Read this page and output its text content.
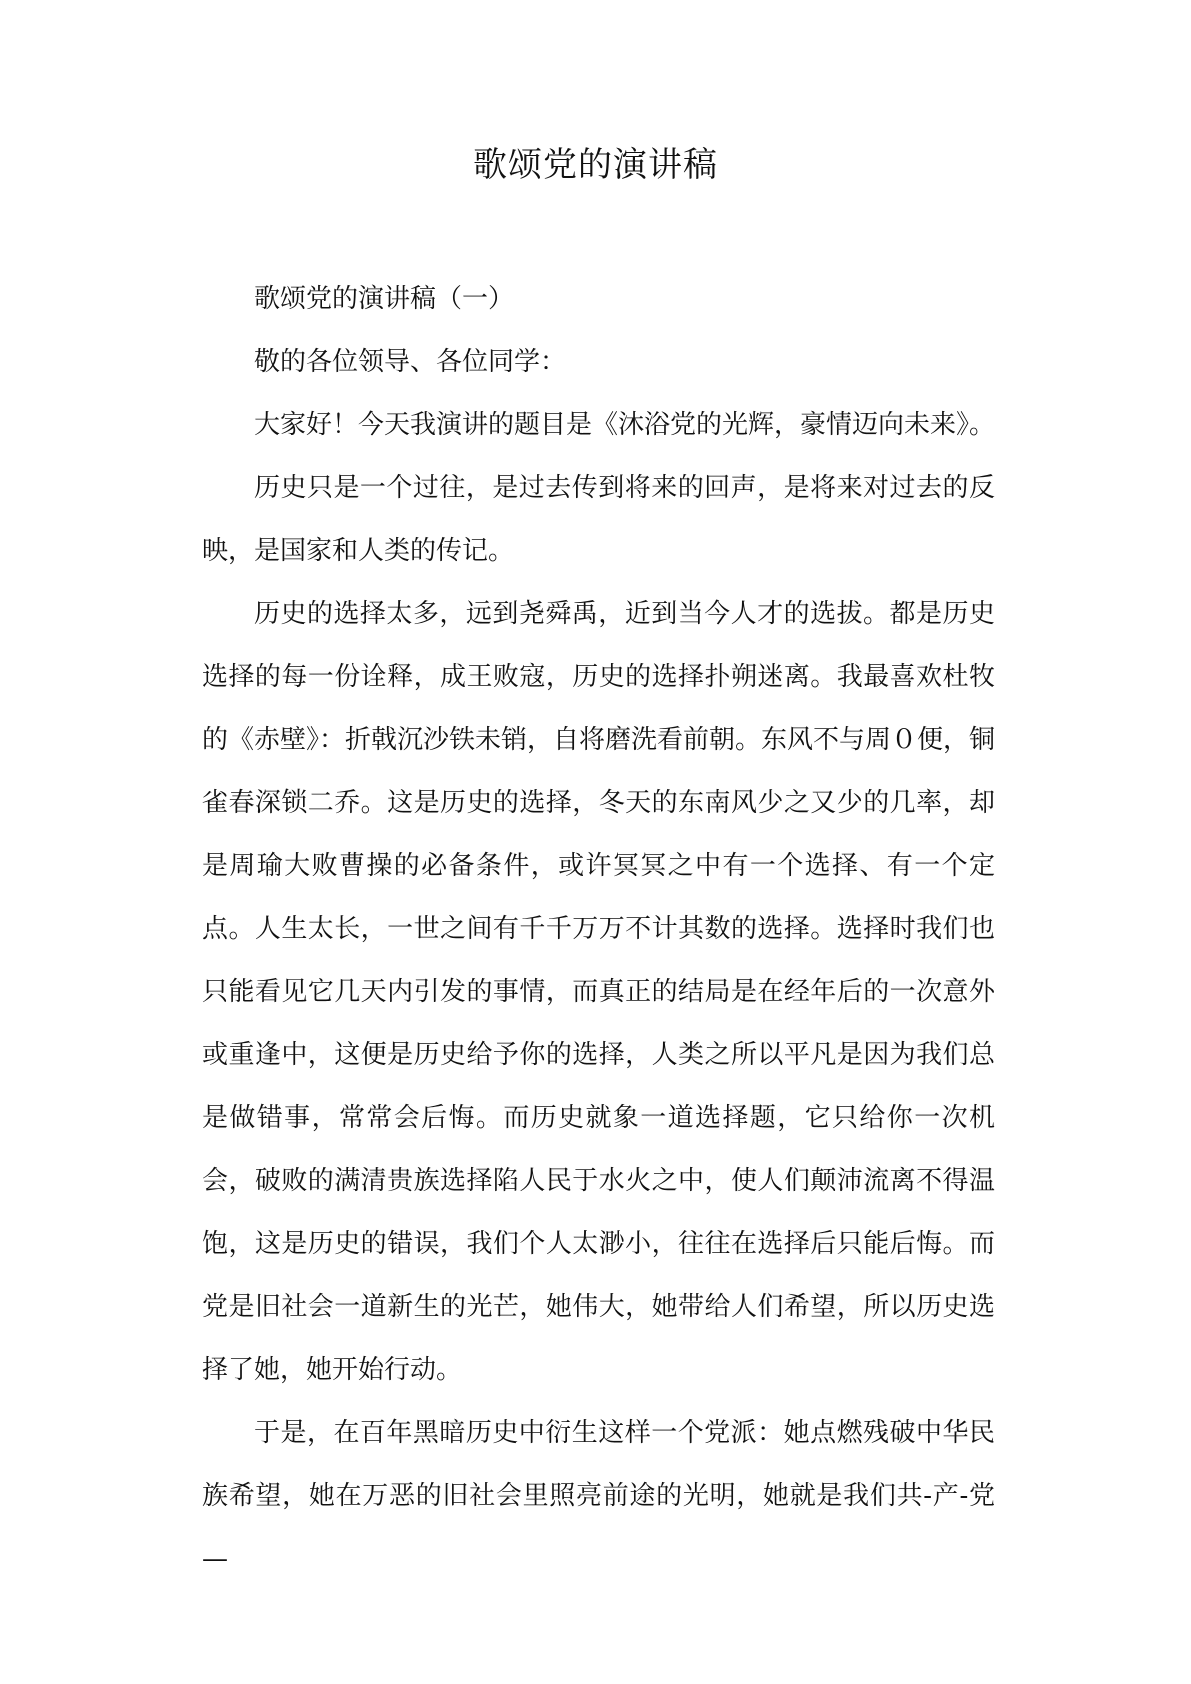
歌颂党的演讲稿

歌颂党的演讲稿（一）

敬的各位领导、各位同学：

大家好！今天我演讲的题目是《沐浴党的光辉，豪情迈向未来》。

历史只是一个过往，是过去传到将来的回声，是将来对过去的反映，是国家和人类的传记。

历史的选择太多，远到尧舜禹，近到当今人才的选拔。都是历史选择的每一份诠释，成王败寇，历史的选择扑朔迷离。我最喜欢杜牧的《赤壁》：折戟沉沙铁未销，自将磨洗看前朝。东风不与周０便，铜雀春深锁二乔。这是历史的选择，冬天的东南风少之又少的几率，却是周瑜大败曹操的必备条件，或许冥冥之中有一个选择、有一个定点。人生太长，一世之间有千千万万不计其数的选择。选择时我们也只能看见它几天内引发的事情，而真正的结局是在经年后的一次意外或重逢中，这便是历史给予你的选择，人类之所以平凡是因为我们总是做错事，常常会后悔。而历史就象一道选择题，它只给你一次机会，破败的满清贵族选择陷人民于水火之中，使人们颠沛流离不得温饱，这是历史的错误，我们个人太渺小，往往在选择后只能后悔。而党是旧社会一道新生的光芒，她伟大，她带给人们希望，所以历史选择了她，她开始行动。

于是，在百年黑暗历史中衍生这样一个党派：她点燃残破中华民族希望，她在万恶的旧社会里照亮前途的光明，她就是我们共-产-党—
